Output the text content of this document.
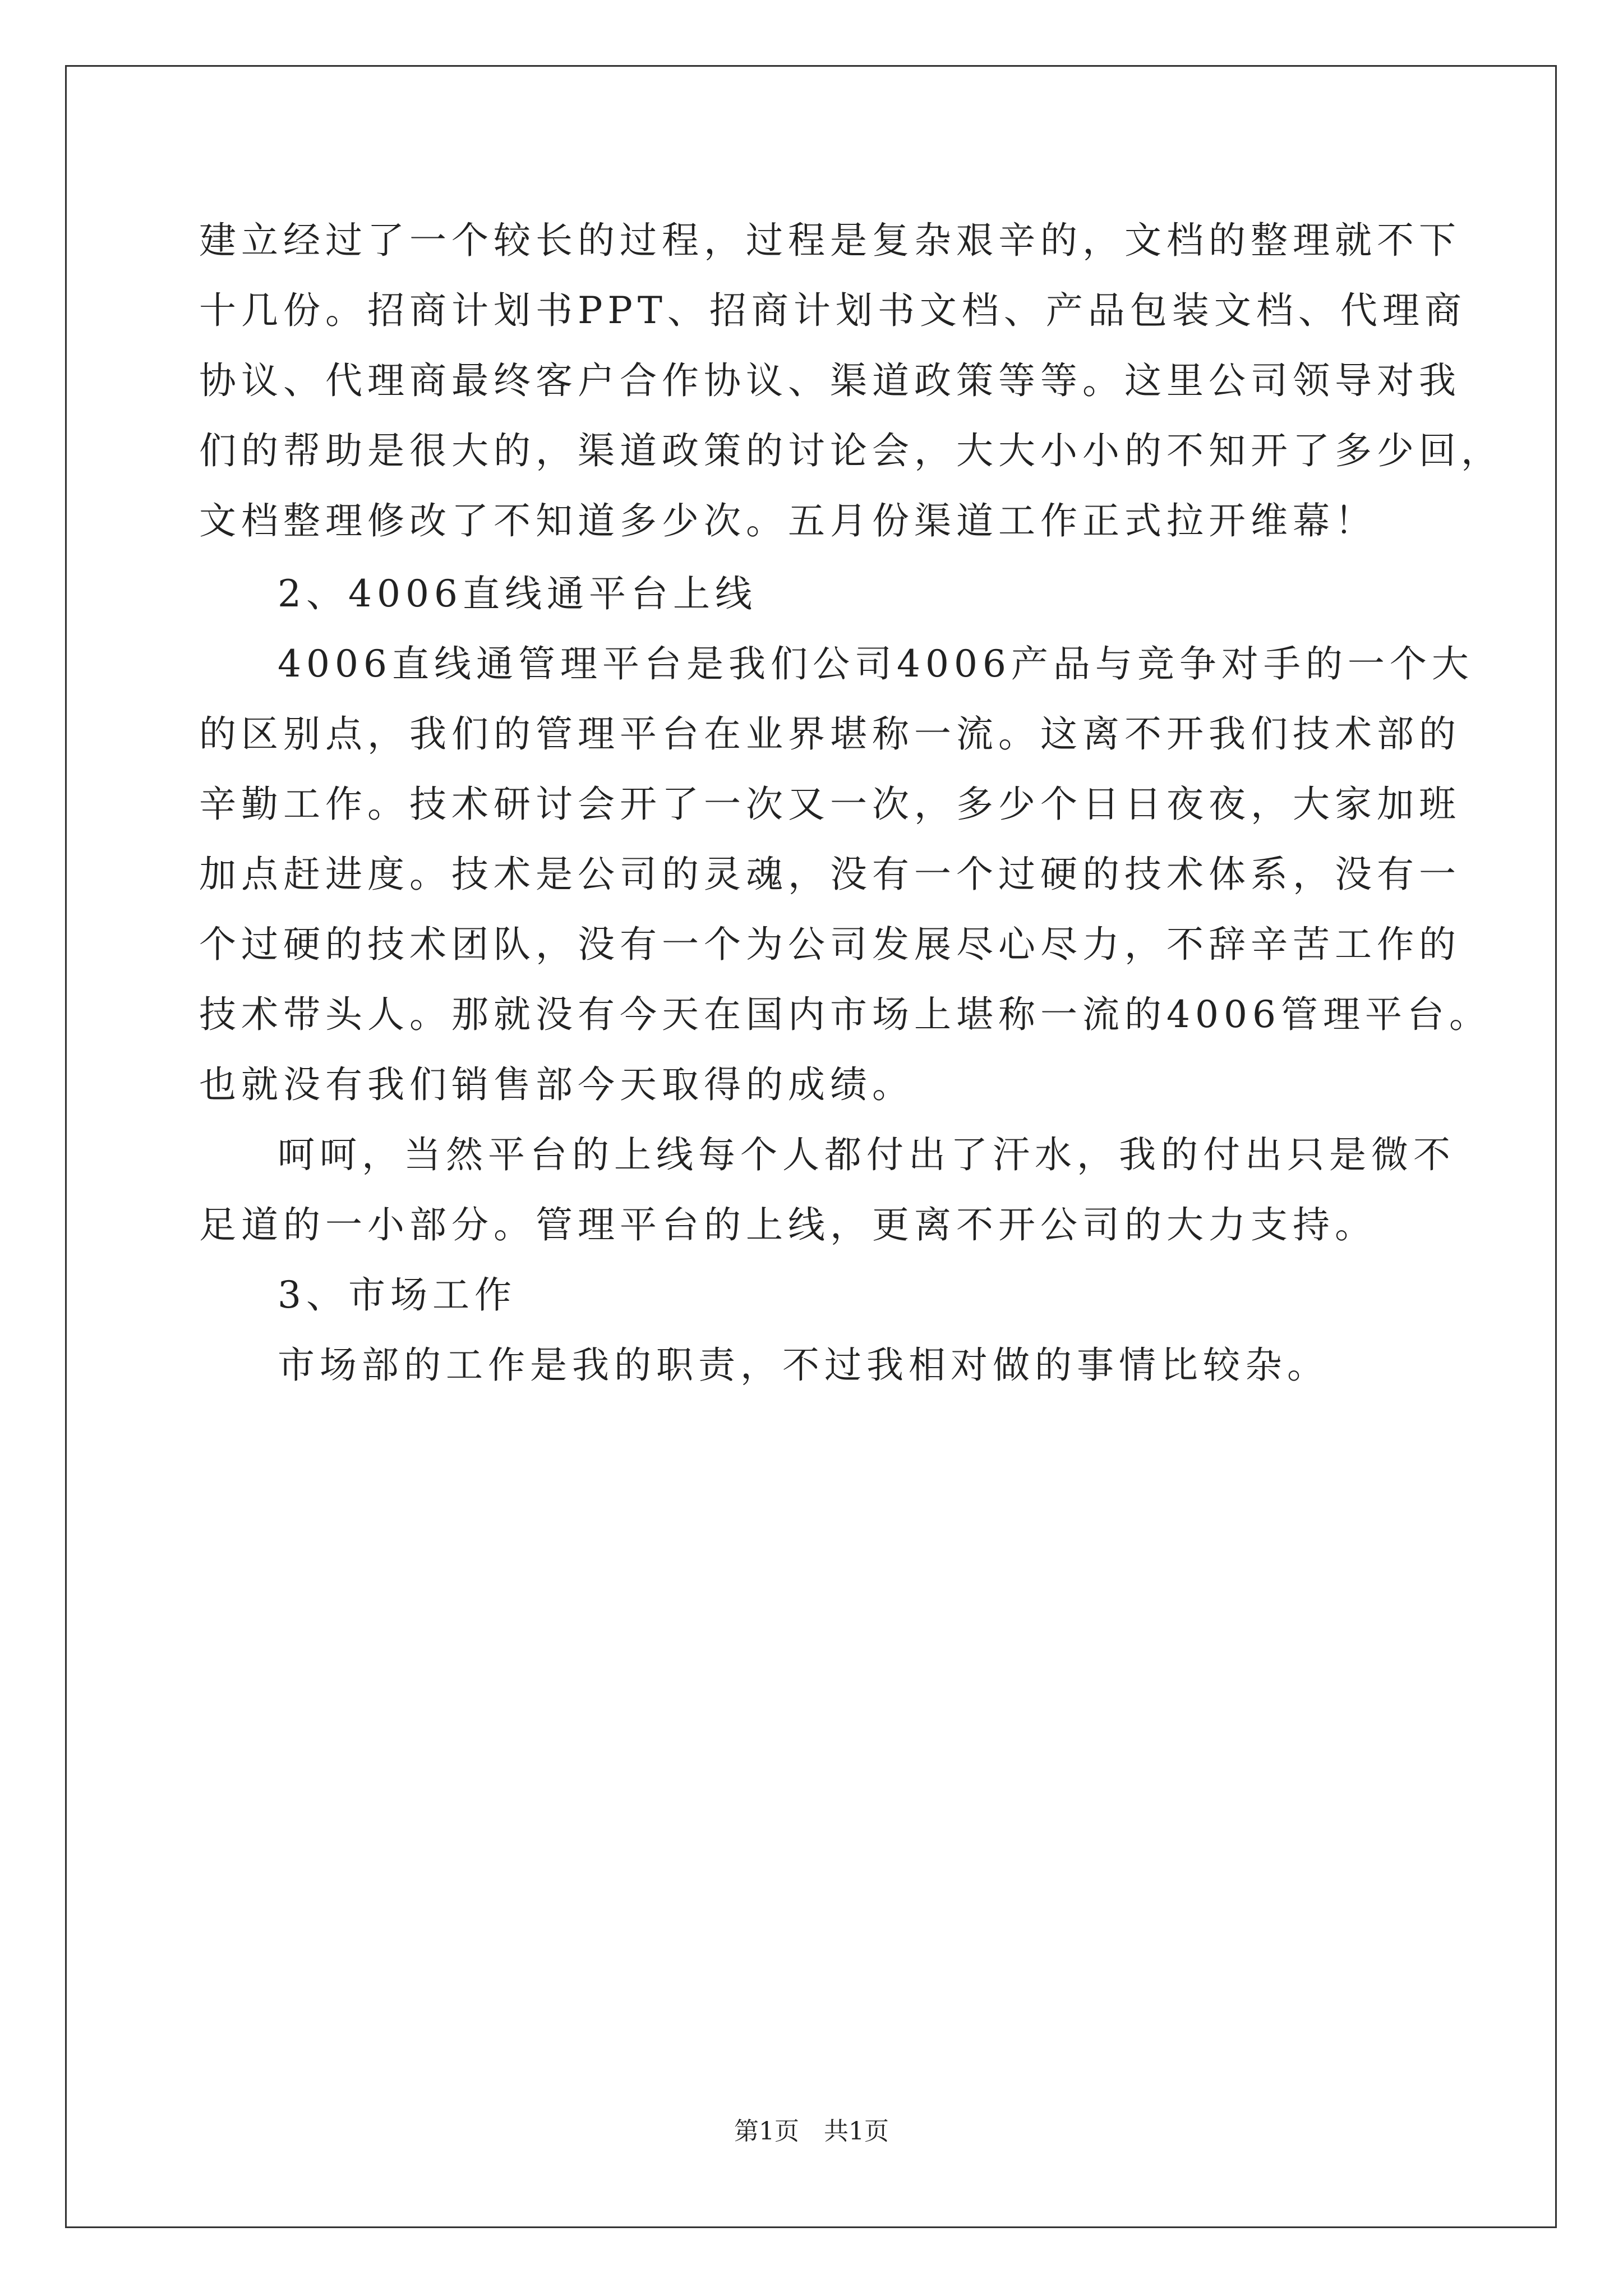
建立经过了一个较长的过程，过程是复杂艰辛的，文档的整理就不下
十几份。招商计划书PPT、招商计划书文档、产品包装文档、代理商
协议、代理商最终客户合作协议、渠道政策等等。这里公司领导对我
们的帮助是很大的，渠道政策的讨论会，大大小小的不知开了多少回，
文档整理修改了不知道多少次。五月份渠道工作正式拉开维幕！
2、4006直线通平台上线
4006直线通管理平台是我们公司4006产品与竞争对手的一个大
的区别点，我们的管理平台在业界堪称一流。这离不开我们技术部的
辛勤工作。技术研讨会开了一次又一次，多少个日日夜夜，大家加班
加点赶进度。技术是公司的灵魂，没有一个过硬的技术体系，没有一
个过硬的技术团队，没有一个为公司发展尽心尽力，不辞辛苦工作的
技术带头人。那就没有今天在国内市场上堪称一流的4006管理平台。
也就没有我们销售部今天取得的成绩。
呵呵，当然平台的上线每个人都付出了汗水，我的付出只是微不
足道的一小部分。管理平台的上线，更离不开公司的大力支持。
3、市场工作
市场部的工作是我的职责，不过我相对做的事情比较杂。
第1页　共1页
